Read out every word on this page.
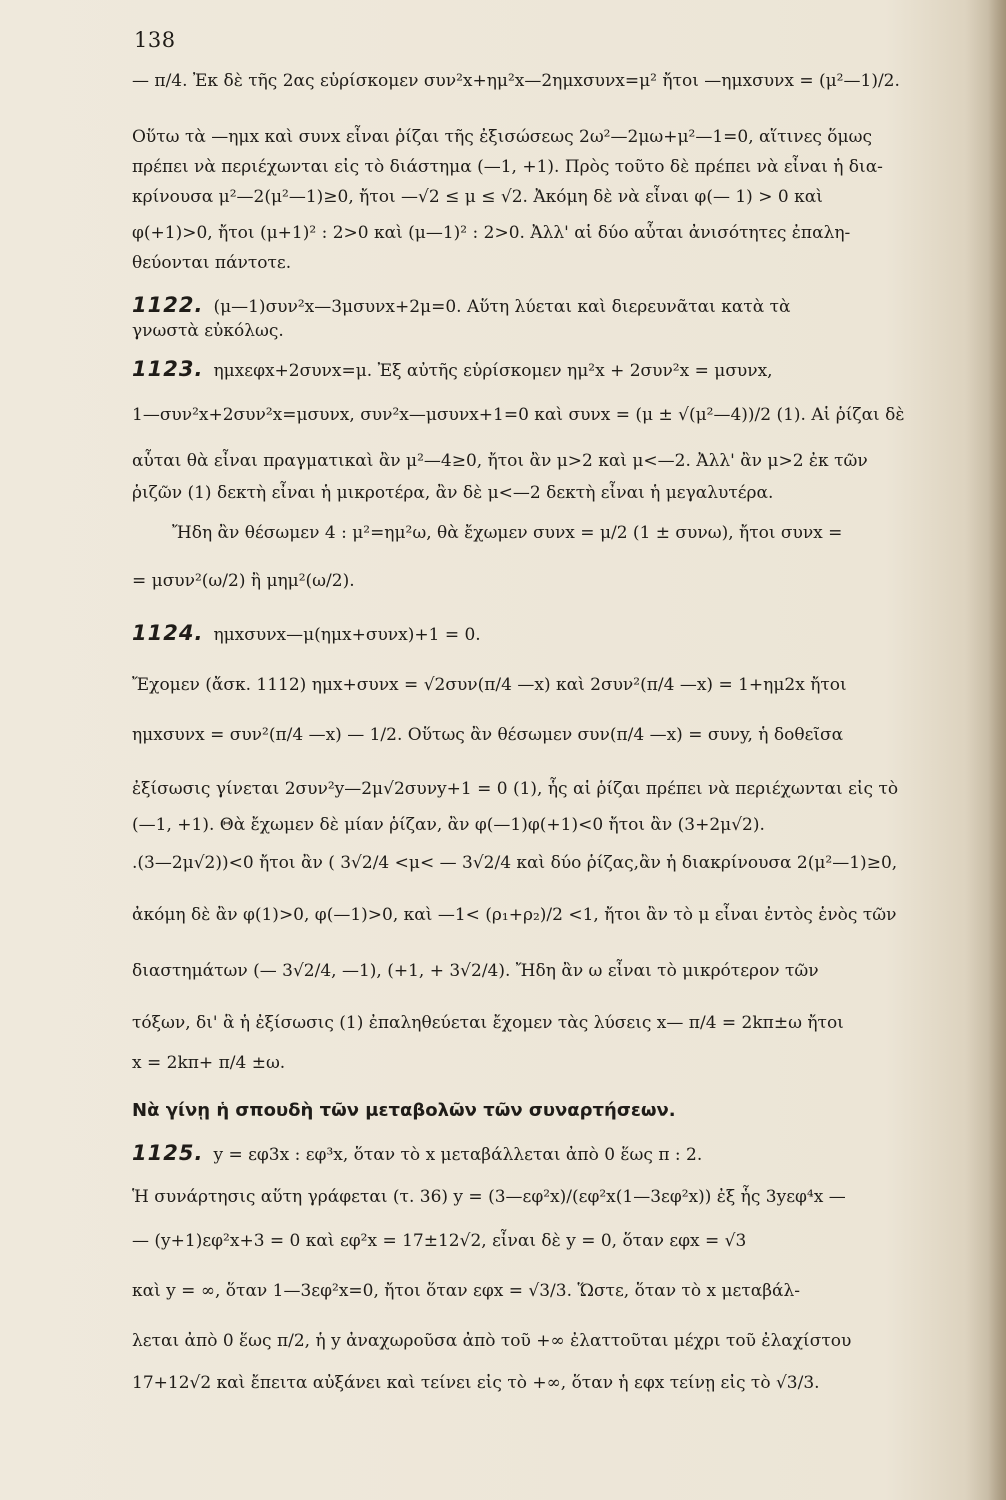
138
— π/4. Ἐκ δὲ τῆς 2ας εὑρίσκομεν συν²x+ημ²x—2ημxσυνx=μ² ἤτοι —ημxσυνx = (μ²—1)/2.
Οὕτω τὰ —ημx καὶ συνx εἶναι ῥίζαι τῆς ἐξισώσεως 2ω²—2μω+μ²—1=0, αἵτινες ὅμως
πρέπει νὰ περιέχωνται εἰς τὸ διάστημα (—1, +1). Πρὸς τοῦτο δὲ πρέπει νὰ εἶναι ἡ δια-
κρίνουσα μ²—2(μ²—1)≥0, ἤτοι —√2 ≤ μ ≤ √2. Ἀκόμη δὲ νὰ εἶναι φ(— 1) > 0 καὶ
φ(+1)>0, ἤτοι (μ+1)² : 2>0 καὶ (μ—1)² : 2>0. Ἀλλ' αἱ δύο αὗται ἀνισότητες ἐπαλη-
θεύονται πάντοτε.
1122. (μ—1)συν²x—3μσυνx+2μ=0. Αὕτη λύεται καὶ διερευνᾶται κατὰ τὰ
γνωστὰ εὐκόλως.
1123. ημxεφx+2συνx=μ. Ἐξ αὐτῆς εὑρίσκομεν ημ²x + 2συν²x = μσυνx,
1—συν²x+2συν²x=μσυνx, συν²x—μσυνx+1=0 καὶ συνx = (μ ± √(μ²—4))/2 (1). Αἱ ῥίζαι δὲ
αὗται θὰ εἶναι πραγματικαὶ ἂν μ²—4≥0, ἤτοι ἂν μ>2 καὶ μ<—2. Ἀλλ' ἂν μ>2 ἐκ τῶν
ῥιζῶν (1) δεκτὴ εἶναι ἡ μικροτέρα, ἂν δὲ μ<—2 δεκτὴ εἶναι ἡ μεγαλυτέρα.
Ἤδη ἂν θέσωμεν 4 : μ²=ημ²ω, θὰ ἔχωμεν συνx = μ/2 (1 ± συνω), ἤτοι συνx =
= μσυν²(ω/2) ἢ μημ²(ω/2).
1124. ημxσυνx—μ(ημx+συνx)+1 = 0.
Ἔχομεν (ἄσκ. 1112) ημx+συνx = √2συν(π/4 —x) καὶ 2συν²(π/4 —x) = 1+ημ2x ἤτοι
ημxσυνx = συν²(π/4 —x) — 1/2. Οὕτως ἂν θέσωμεν συν(π/4 —x) = συνy, ἡ δοθεῖσα
ἐξίσωσις γίνεται 2συν²y—2μ√2συνy+1 = 0 (1), ἧς αἱ ῥίζαι πρέπει νὰ περιέχωνται εἰς τὸ
(—1, +1). Θὰ ἔχωμεν δὲ μίαν ῥίζαν, ἂν φ(—1)φ(+1)<0 ἤτοι ἂν (3+2μ√2).
.(3—2μ√2))<0 ἤτοι ἂν ( 3√2/4 <μ< — 3√2/4 καὶ δύο ῥίζας,ἂν ἡ διακρίνουσα 2(μ²—1)≥0,
ἀκόμη δὲ ἂν φ(1)>0, φ(—1)>0, καὶ —1< (ρ₁+ρ₂)/2 <1, ἤτοι ἂν τὸ μ εἶναι ἐντὸς ἑνὸς τῶν
διαστημάτων (— 3√2/4, —1), (+1, + 3√2/4). Ἤδη ἂν ω εἶναι τὸ μικρότερον τῶν
τόξων, δι' ἃ ἡ ἐξίσωσις (1) ἐπαληθεύεται ἔχομεν τὰς λύσεις x— π/4 = 2kπ±ω ἤτοι
x = 2kπ+ π/4 ±ω.
Νὰ γίνῃ ἡ σπουδὴ τῶν μεταβολῶν τῶν συναρτήσεων.
1125. y = εφ3x : εφ³x, ὅταν τὸ x μεταβάλλεται ἀπὸ 0 ἕως π : 2.
Ἡ συνάρτησις αὕτη γράφεται (τ. 36) y = (3—εφ²x)/(εφ²x(1—3εφ²x)) ἐξ ἧς 3yεφ⁴x —
— (y+1)εφ²x+3 = 0 καὶ εφ²x = 17±12√2, εἶναι δὲ y = 0, ὅταν εφx = √3
καὶ y = ∞, ὅταν 1—3εφ²x=0, ἤτοι ὅταν εφx = √3/3. Ὥστε, ὅταν τὸ x μεταβάλ-
λεται ἀπὸ 0 ἕως π/2, ἡ y ἀναχωροῦσα ἀπὸ τοῦ +∞ ἐλαττοῦται μέχρι τοῦ ἐλαχίστου
17+12√2 καὶ ἔπειτα αὐξάνει καὶ τείνει εἰς τὸ +∞, ὅταν ἡ εφx τείνῃ εἰς τὸ √3/3.
